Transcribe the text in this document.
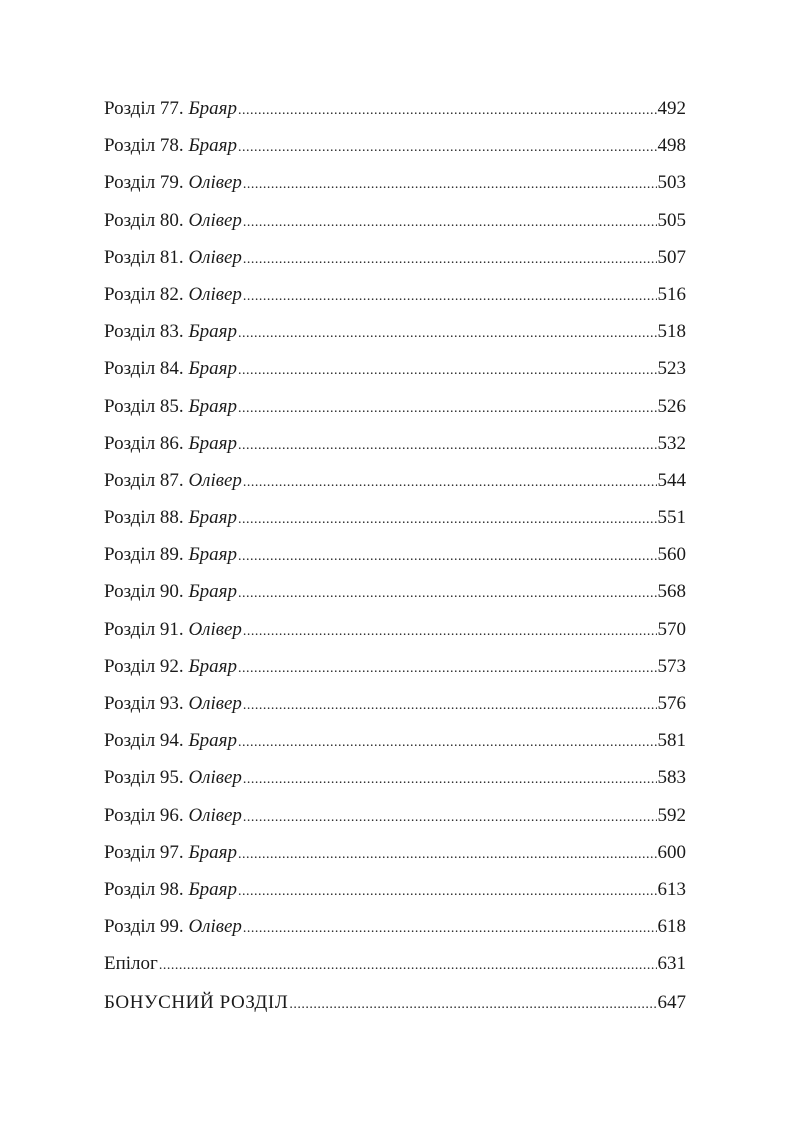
Розділ 77. Браяр .....	492
Розділ 78. Браяр .....	498
Розділ 79. Олівер .....	503
Розділ 80. Олівер .....	505
Розділ 81. Олівер .....	507
Розділ 82. Олівер .....	516
Розділ 83. Браяр .....	518
Розділ 84. Браяр .....	523
Розділ 85. Браяр .....	526
Розділ 86. Браяр .....	532
Розділ 87. Олівер .....	544
Розділ 88. Браяр .....	551
Розділ 89. Браяр .....	560
Розділ 90. Браяр .....	568
Розділ 91. Олівер .....	570
Розділ 92. Браяр .....	573
Розділ 93. Олівер .....	576
Розділ 94. Браяр .....	581
Розділ 95. Олівер .....	583
Розділ 96. Олівер .....	592
Розділ 97. Браяр .....	600
Розділ 98. Браяр .....	613
Розділ 99. Олівер .....	618
Епілог .....	631
БОНУСНИЙ РОЗДІЛ .....	647
